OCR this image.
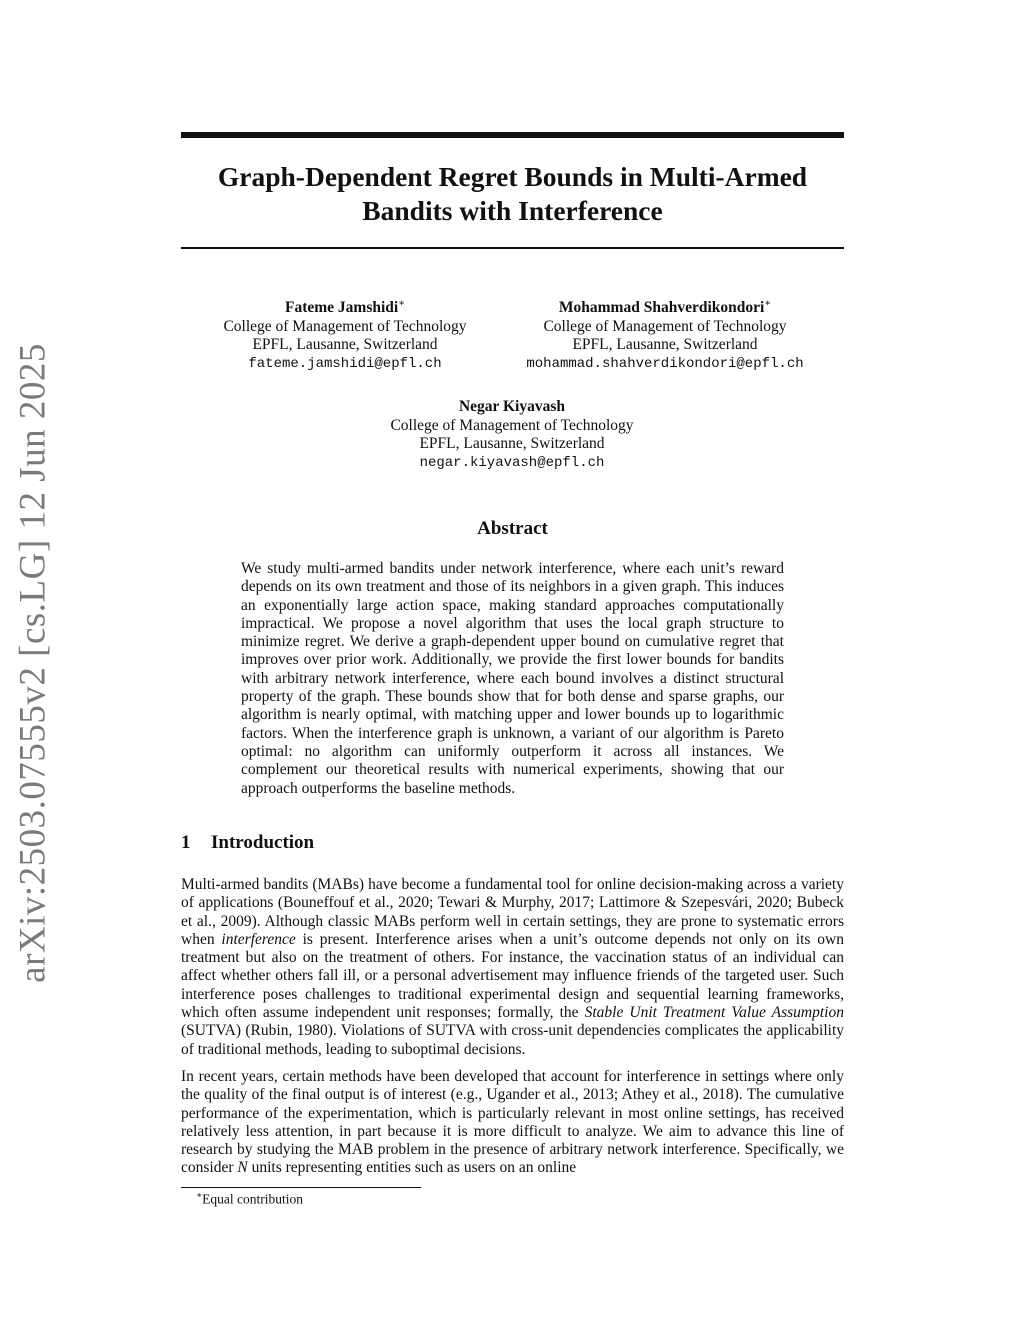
arXiv:2503.07555v2 [cs.LG] 12 Jun 2025
Graph-Dependent Regret Bounds in Multi-Armed Bandits with Interference
Fateme Jamshidi∗
College of Management of Technology
EPFL, Lausanne, Switzerland
fateme.jamshidi@epfl.ch
Mohammad Shahverdikondori∗
College of Management of Technology
EPFL, Lausanne, Switzerland
mohammad.shahverdikondori@epfl.ch
Negar Kiyavash
College of Management of Technology
EPFL, Lausanne, Switzerland
negar.kiyavash@epfl.ch
Abstract

We study multi-armed bandits under network interference, where each unit’s reward depends on its own treatment and those of its neighbors in a given graph. This induces an exponentially large action space, making standard approaches computationally impractical. We propose a novel algorithm that uses the local graph structure to minimize regret. We derive a graph-dependent upper bound on cumulative regret that improves over prior work. Additionally, we provide the first lower bounds for bandits with arbitrary network interference, where each bound involves a distinct structural property of the graph. These bounds show that for both dense and sparse graphs, our algorithm is nearly optimal, with matching upper and lower bounds up to logarithmic factors. When the interference graph is unknown, a variant of our algorithm is Pareto optimal: no algorithm can uniformly outperform it across all instances. We complement our theoretical results with numerical experiments, showing that our approach outperforms the baseline methods.

1 Introduction

Multi-armed bandits (MABs) have become a fundamental tool for online decision-making across a variety of applications (Bouneffouf et al., 2020; Tewari & Murphy, 2017; Lattimore & Szepesvári, 2020; Bubeck et al., 2009). Although classic MABs perform well in certain settings, they are prone to systematic errors when interference is present. Interference arises when a unit’s outcome depends not only on its own treatment but also on the treatment of others. For instance, the vaccination status of an individual can affect whether others fall ill, or a personal advertisement may influence friends of the targeted user. Such interference poses challenges to traditional experimental design and sequential learning frameworks, which often assume independent unit responses; formally, the Stable Unit Treatment Value Assumption (SUTVA) (Rubin, 1980). Violations of SUTVA with cross-unit dependencies complicates the applicability of traditional methods, leading to suboptimal decisions.

In recent years, certain methods have been developed that account for interference in settings where only the quality of the final output is of interest (e.g., Ugander et al., 2013; Athey et al., 2018). The cumulative performance of the experimentation, which is particularly relevant in most online settings, has received relatively less attention, in part because it is more difficult to analyze. We aim to advance this line of research by studying the MAB problem in the presence of arbitrary network interference. Specifically, we consider N units representing entities such as users on an online

∗Equal contribution
